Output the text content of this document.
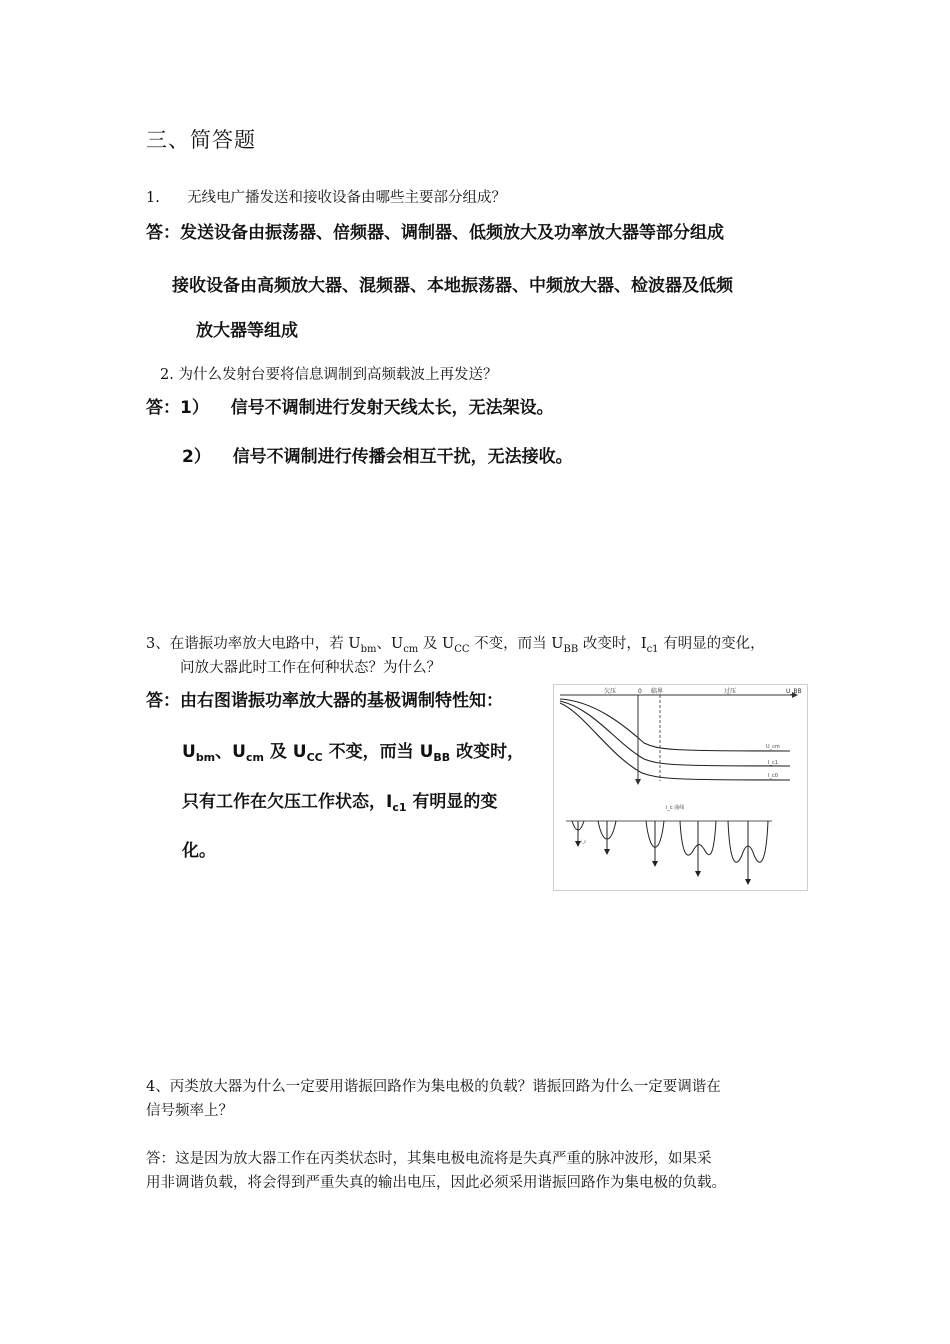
三、简答题
1. 无线电广播发送和接收设备由哪些主要部分组成？
答：发送设备由振荡器、倍频器、调制器、低频放大及功率放大器等部分组成
接收设备由高频放大器、混频器、本地振荡器、中频放大器、检波器及低频
放大器等组成
2. 为什么发射台要将信息调制到高频载波上再发送？
答：1） 信号不调制进行发射天线太长，无法架设。
2） 信号不调制进行传播会相互干扰，无法接收。
3、在谐振功率放大电路中，若 $U_{bm}$、$U_{cm}$ 及 $U_{CC}$ 不变，而当 $U_{BB}$ 改变时，$I_{c1}$ 有明显的变化，
问放大器此时工作在何种状态？为什么？
答：由右图谐振功率放大器的基极调制特性知：
$U_{bm}$、$U_{cm}$ 及 $U_{CC}$ 不变，而当 $U_{BB}$ 改变时，
只有工作在欠压工作状态，$I_{c1}$ 有明显的变
化。
U_BB
欠压	0 临界	过压
U_cm
I_c1
I_c0
i_c 曲线
i_c
4、丙类放大器为什么一定要用谐振回路作为集电极的负载？谐振回路为什么一定要调谐在
信号频率上？
答：这是因为放大器工作在丙类状态时，其集电极电流将是失真严重的脉冲波形，如果采
用非调谐负载，将会得到严重失真的输出电压，因此必须采用谐振回路作为集电极的负载。
